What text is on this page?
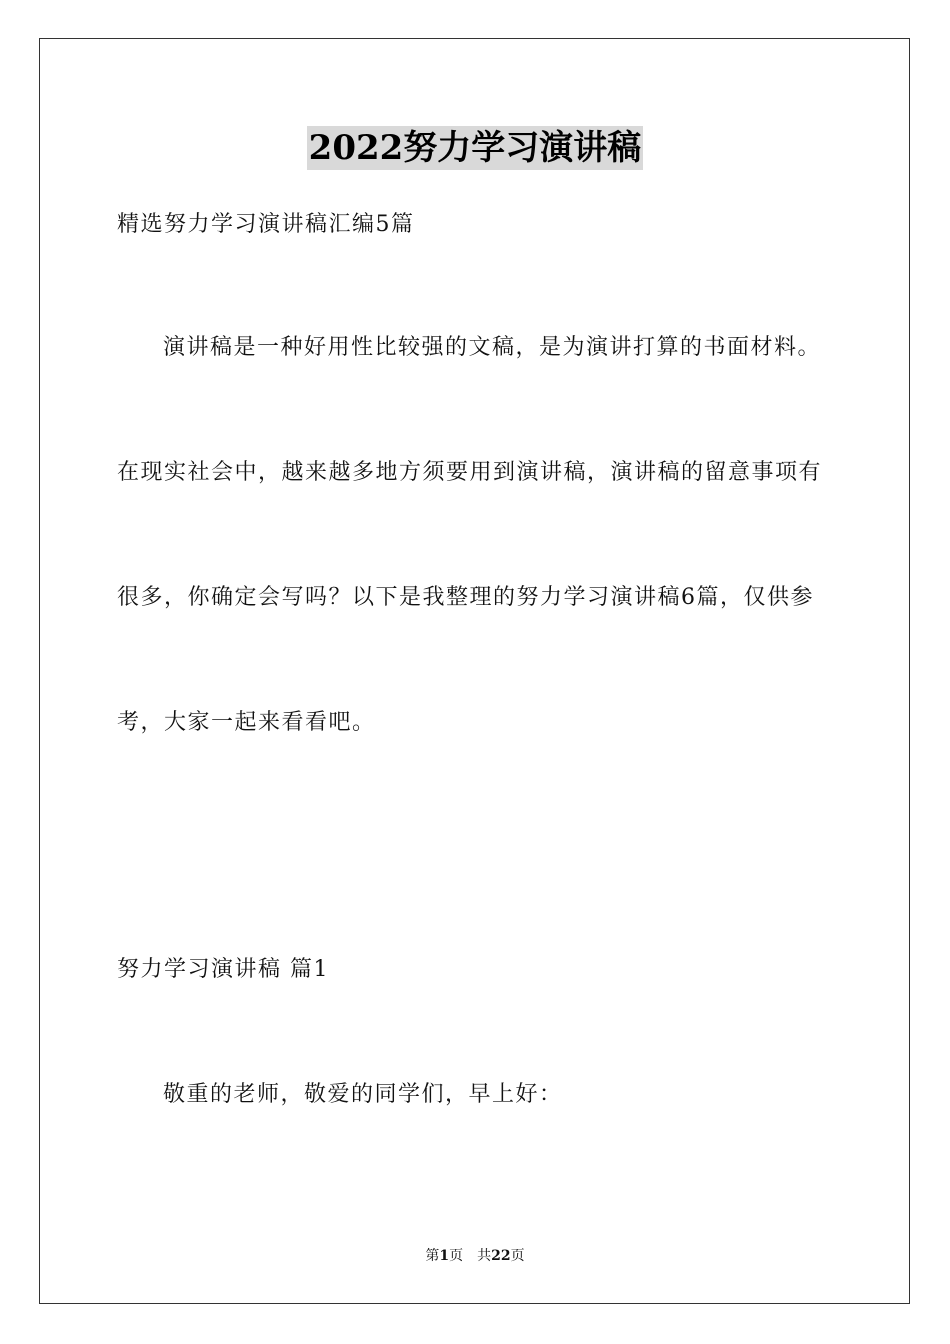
2022努力学习演讲稿
精选努力学习演讲稿汇编5篇
演讲稿是一种好用性比较强的文稿，是为演讲打算的书面材料。
在现实社会中，越来越多地方须要用到演讲稿，演讲稿的留意事项有
很多，你确定会写吗？以下是我整理的努力学习演讲稿6篇，仅供参
考，大家一起来看看吧。
努力学习演讲稿 篇1
敬重的老师，敬爱的同学们，早上好：
第1页 共22页
